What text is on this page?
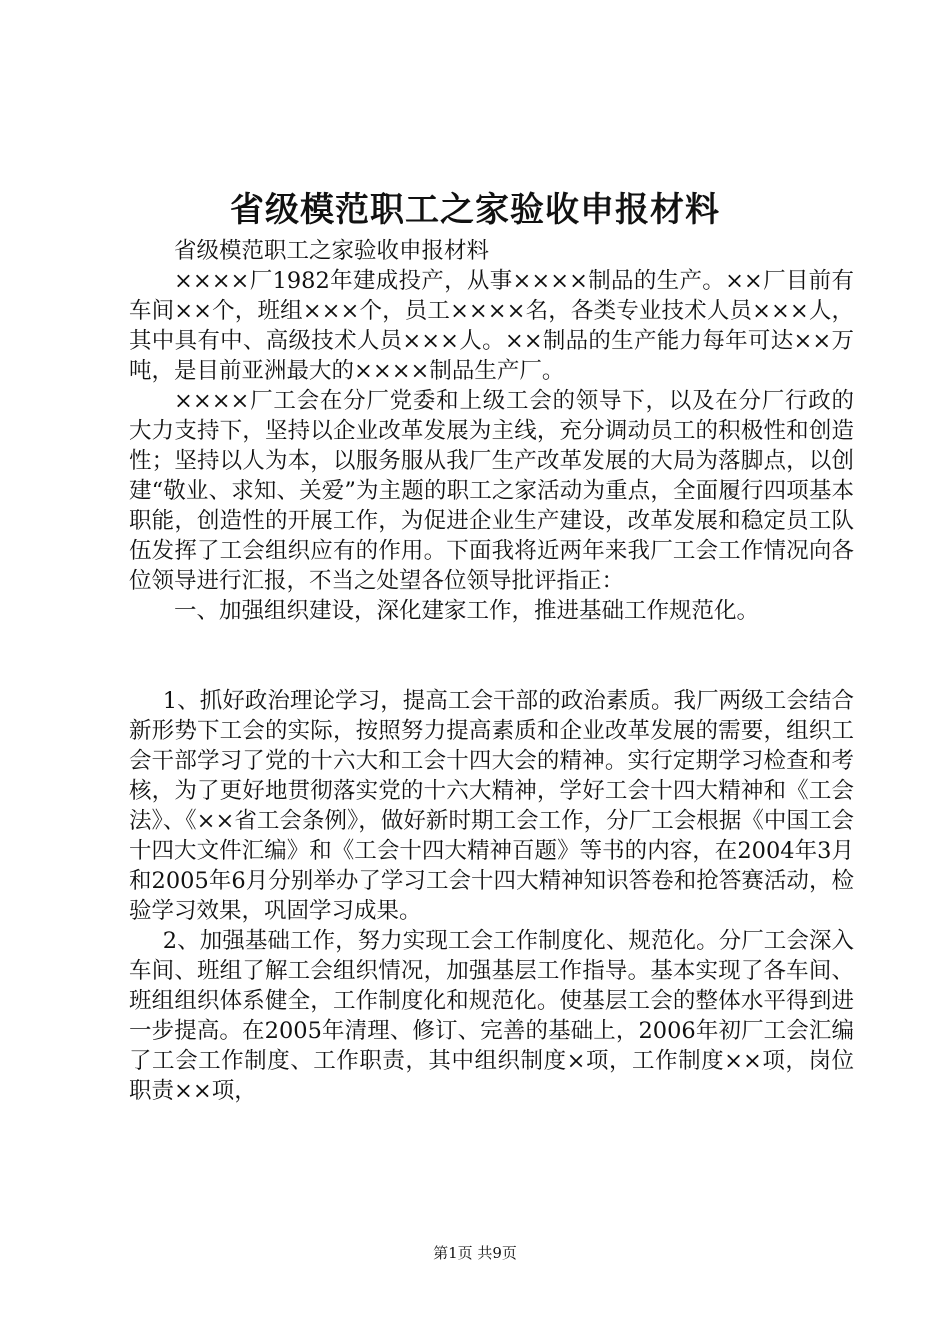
省级模范职工之家验收申报材料

省级模范职工之家验收申报材料

××××厂1982年建成投产，从事××××制品的生产。××厂目前有车间××个，班组×××个，员工××××名，各类专业技术人员×××人，其中具有中、高级技术人员×××人。××制品的生产能力每年可达××万吨，是目前亚洲最大的××××制品生产厂。

××××厂工会在分厂党委和上级工会的领导下，以及在分厂行政的大力支持下，坚持以企业改革发展为主线，充分调动员工的积极性和创造性；坚持以人为本，以服务服从我厂生产改革发展的大局为落脚点，以创建“敬业、求知、关爱”为主题的职工之家活动为重点，全面履行四项基本职能，创造性的开展工作，为促进企业生产建设，改革发展和稳定员工队伍发挥了工会组织应有的作用。下面我将近两年来我厂工会工作情况向各位领导进行汇报，不当之处望各位领导批评指正：

一、加强组织建设，深化建家工作，推进基础工作规范化。

1、抓好政治理论学习，提高工会干部的政治素质。我厂两级工会结合新形势下工会的实际，按照努力提高素质和企业改革发展的需要，组织工会干部学习了党的十六大和工会十四大会的精神。实行定期学习检查和考核，为了更好地贯彻落实党的十六大精神，学好工会十四大精神和《工会法》、《××省工会条例》，做好新时期工会工作，分厂工会根据《中国工会十四大文件汇编》和《工会十四大精神百题》等书的内容，在2004年3月和2005年6月分别举办了学习工会十四大精神知识答卷和抢答赛活动，检验学习效果，巩固学习成果。

2、加强基础工作，努力实现工会工作制度化、规范化。分厂工会深入车间、班组了解工会组织情况，加强基层工作指导。基本实现了各车间、班组组织体系健全，工作制度化和规范化。使基层工会的整体水平得到进一步提高。在2005年清理、修订、完善的基础上，2006年初厂工会汇编了工会工作制度、工作职责，其中组织制度×项，工作制度××项，岗位职责××项，

第1页 共9页
